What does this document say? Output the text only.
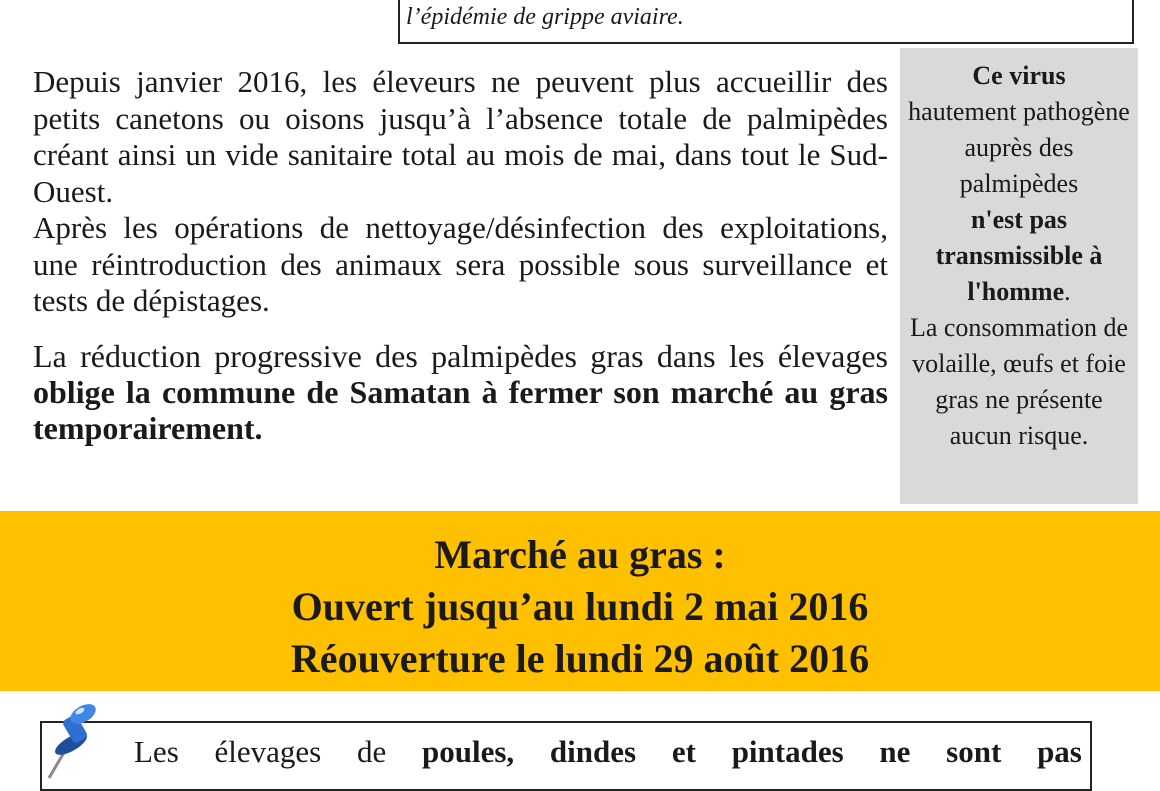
l’épidémie de grippe aviaire.

Depuis janvier 2016, les éleveurs ne peuvent plus accueillir des petits canetons ou oisons jusqu’à l’absence totale de palmipèdes créant ainsi un vide sanitaire total au mois de mai, dans tout le Sud-Ouest.

Après les opérations de nettoyage/désinfection des exploitations, une réintroduction des animaux sera possible sous surveillance et tests de dépistages.

La réduction progressive des palmipèdes gras dans les élevages oblige la commune de Samatan à fermer son marché au gras temporairement.

Ce virus
hautement pathogène auprès des palmipèdes
n'est pas transmissible à l'homme.
La consommation de volaille, œufs et foie gras ne présente aucun risque.

Marché au gras :
Ouvert jusqu’au lundi 2 mai 2016
Réouverture le lundi 29 août 2016
Les élevages de poules, dindes et pintades ne sont pas
